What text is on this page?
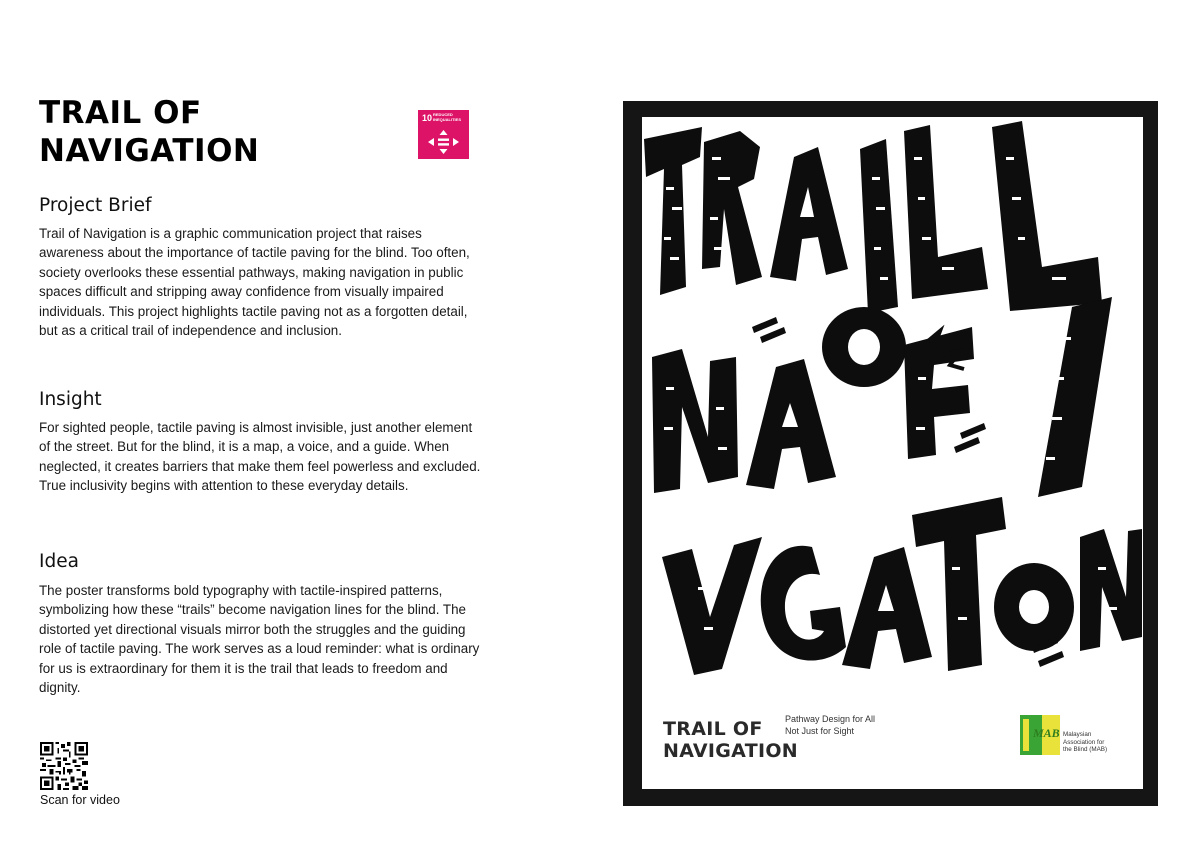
TRAIL OF
NAVIGATION
10 REDUCED
INEQUALITIES
Project Brief

Trail of Navigation is a graphic communication project that raises awareness about the importance of tactile paving for the blind. Too often, society overlooks these essential pathways, making navigation in public spaces difficult and stripping away confidence from visually impaired individuals. This project highlights tactile paving not as a forgotten detail, but as a critical trail of independence and inclusion.

Insight

For sighted people, tactile paving is almost invisible, just another element of the street. But for the blind, it is a map, a voice, and a guide. When neglected, it creates barriers that make them feel powerless and excluded. True inclusivity begins with attention to these everyday details.

Idea

The poster transforms bold typography with tactile-inspired patterns, symbolizing how these “trails” become navigation lines for the blind. The distorted yet directional visuals mirror both the struggles and the guiding role of tactile paving. The work serves as a loud reminder: what is ordinary for us is extraordinary for them it is the trail that leads to freedom and dignity.

Scan for video
TRAIL OF
NAVIGATION
Pathway Design for All
Not Just for Sight	MAB Malaysian
Association for
the Blind (MAB)
